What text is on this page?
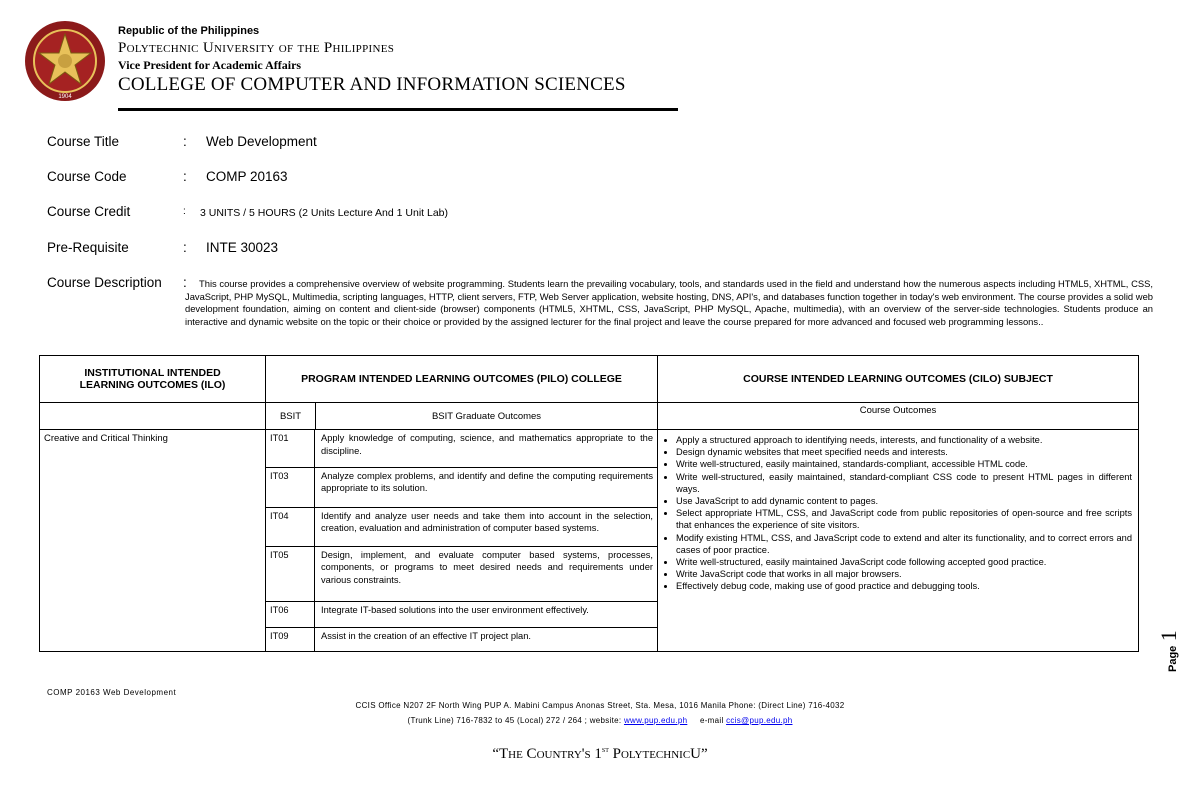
1904
Republic of the Philippines
Polytechnic University of the Philippines
Vice President for Academic Affairs
COLLEGE OF COMPUTER AND INFORMATION SCIENCES
Course Title	: Web Development
Course Code	: COMP 20163
Course Credit	: 3 UNITS / 5 HOURS (2 Units Lecture And 1 Unit Lab)
Pre-Requisite	: INTE 30023
Course Description :	This course provides a comprehensive overview of website programming. Students learn the prevailing vocabulary, tools, and standards used in the field and understand how the numerous aspects including HTML5, XHTML, CSS, JavaScript, PHP MySQL, Multimedia, scripting languages, HTTP, client servers, FTP, Web Server application, website hosting, DNS, API's, and databases function together in today's web environment. The course provides a solid web development foundation, aiming on content and client-side (browser) components (HTML5, XHTML, CSS, JavaScript, PHP MySQL, Apache, multimedia), with an overview of the server-side technologies. Students produce an interactive and dynamic website on the topic or their choice or provided by the assigned lecturer for the final project and leave the course prepared for more advanced and focused web programming lessons..
INSTITUTIONAL INTENDED LEARNING OUTCOMES (ILO)	PROGRAM INTENDED LEARNING OUTCOMES (PILO) COLLEGE	COURSE INTENDED LEARNING OUTCOMES (CILO) SUBJECT
	BSIT	BSIT Graduate Outcomes	Course Outcomes
Creative and Critical Thinking		IT01	Apply knowledge of computing, science, and mathematics appropriate to the discipline.
IT03	Analyze complex problems, and identify and define the computing requirements appropriate to its solution.
IT04	Identify and analyze user needs and take them into account in the selection, creation, evaluation and administration of computer based systems.
IT05	Design, implement, and evaluate computer based systems, processes, components, or programs to meet desired needs and requirements under various constraints.
IT06	Integrate IT-based solutions into the user environment effectively.
IT09	Assist in the creation of an effective IT project plan.

• Apply a structured approach to identifying needs, interests, and functionality of a website.
• Design dynamic websites that meet specified needs and interests.
• Write well-structured, easily maintained, standards-compliant, accessible HTML code.
• Write well-structured, easily maintained, standard-compliant CSS code to present HTML pages in different ways.
• Use JavaScript to add dynamic content to pages.
• Select appropriate HTML, CSS, and JavaScript code from public repositories of open-source and free scripts that enhances the experience of site visitors.
• Modify existing HTML, CSS, and JavaScript code to extend and alter its functionality, and to correct errors and cases of poor practice.
• Write well-structured, easily maintained JavaScript code following accepted good practice.
• Write JavaScript code that works in all major browsers.
• Effectively debug code, making use of good practice and debugging tools.
Page 1
COMP 20163 Web Development
CCIS Office N207 2F North Wing PUP A. Mabini Campus Anonas Street, Sta. Mesa, 1016 Manila Phone: (Direct Line) 716-4032
(Trunk Line) 716-7832 to 45 (Local) 272 / 264 ; website: www.pup.edu.ph e-mail ccis@pup.edu.ph
“The Country's 1st PolytechnicU”
